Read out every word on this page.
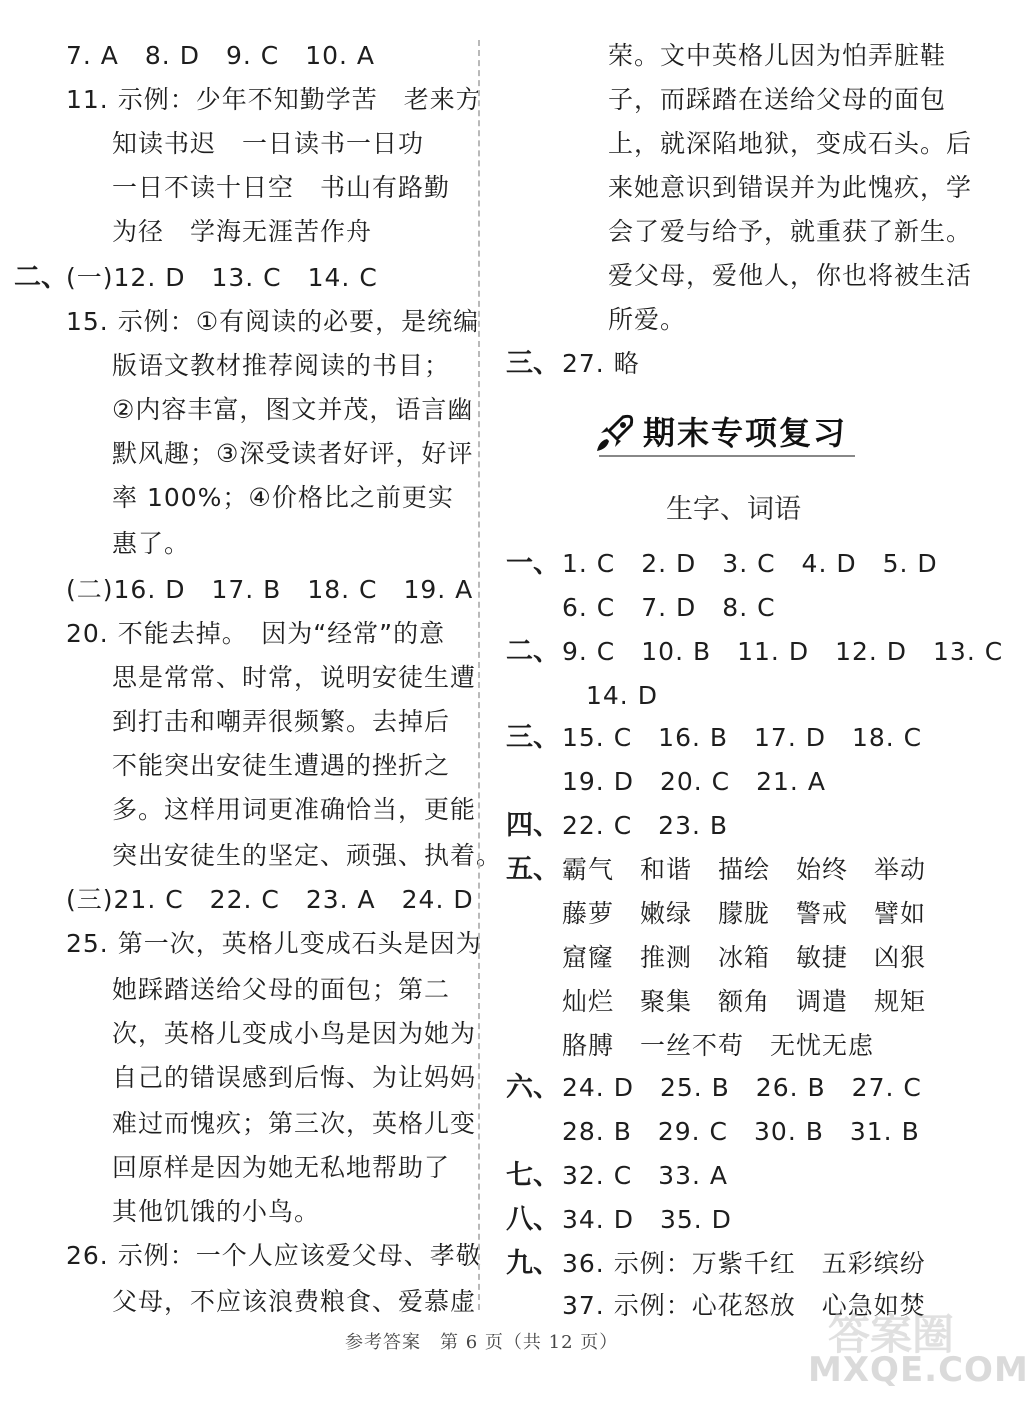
7. A　8. D　9. C　10. A
11. 示例：少年不知勤学苦　老来方
知读书迟　一日读书一日功
一日不读十日空　书山有路勤
为径　学海无涯苦作舟
二、
(一)12. D　13. C　14. C
15. 示例：①有阅读的必要，是统编
版语文教材推荐阅读的书目；
②内容丰富，图文并茂，语言幽
默风趣；③深受读者好评，好评
率 100%；④价格比之前更实
惠了。
(二)16. D　17. B　18. C　19. A
20. 不能去掉。　因为“经常”的意
思是常常、时常，说明安徒生遭
到打击和嘲弄很频繁。去掉后
不能突出安徒生遭遇的挫折之
多。这样用词更准确恰当，更能
突出安徒生的坚定、顽强、执着。
(三)21. C　22. C　23. A　24. D
25. 第一次，英格儿变成石头是因为
她踩踏送给父母的面包；第二
次，英格儿变成小鸟是因为她为
自己的错误感到后悔、为让妈妈
难过而愧疚；第三次，英格儿变
回原样是因为她无私地帮助了
其他饥饿的小鸟。
26. 示例：一个人应该爱父母、孝敬
父母，不应该浪费粮食、爱慕虚
荣。文中英格儿因为怕弄脏鞋
子，而踩踏在送给父母的面包
上，就深陷地狱，变成石头。后
来她意识到错误并为此愧疚，学
会了爱与给予，就重获了新生。
爱父母，爱他人，你也将被生活
所爱。
三、 27. 略
一、 1. C　2. D　3. C　4. D　5. D
6. C　7. D　8. C
二、 9. C　10. B　11. D　12. D　13. C
14. D
三、 15. C　16. B　17. D　18. C
19. D　20. C　21. A
四、 22. C　23. B
五、 霸气　和谐　描绘　始终　举动
藤萝　嫩绿　朦胧　警戒　譬如
窟窿　推测　冰箱　敏捷　凶狠
灿烂　聚集　额角　调遣　规矩
胳膊　一丝不苟　无忧无虑
六、 24. D　25. B　26. B　27. C
28. B　29. C　30. B　31. B
七、 32. C　33. A
八、 34. D　35. D
九、 36. 示例：万紫千红　五彩缤纷
37. 示例：心花怒放　心急如焚
期末专项复习
生字、词语
参考答案　第 6 页（共 12 页）	答案圈
MXQE.COM
